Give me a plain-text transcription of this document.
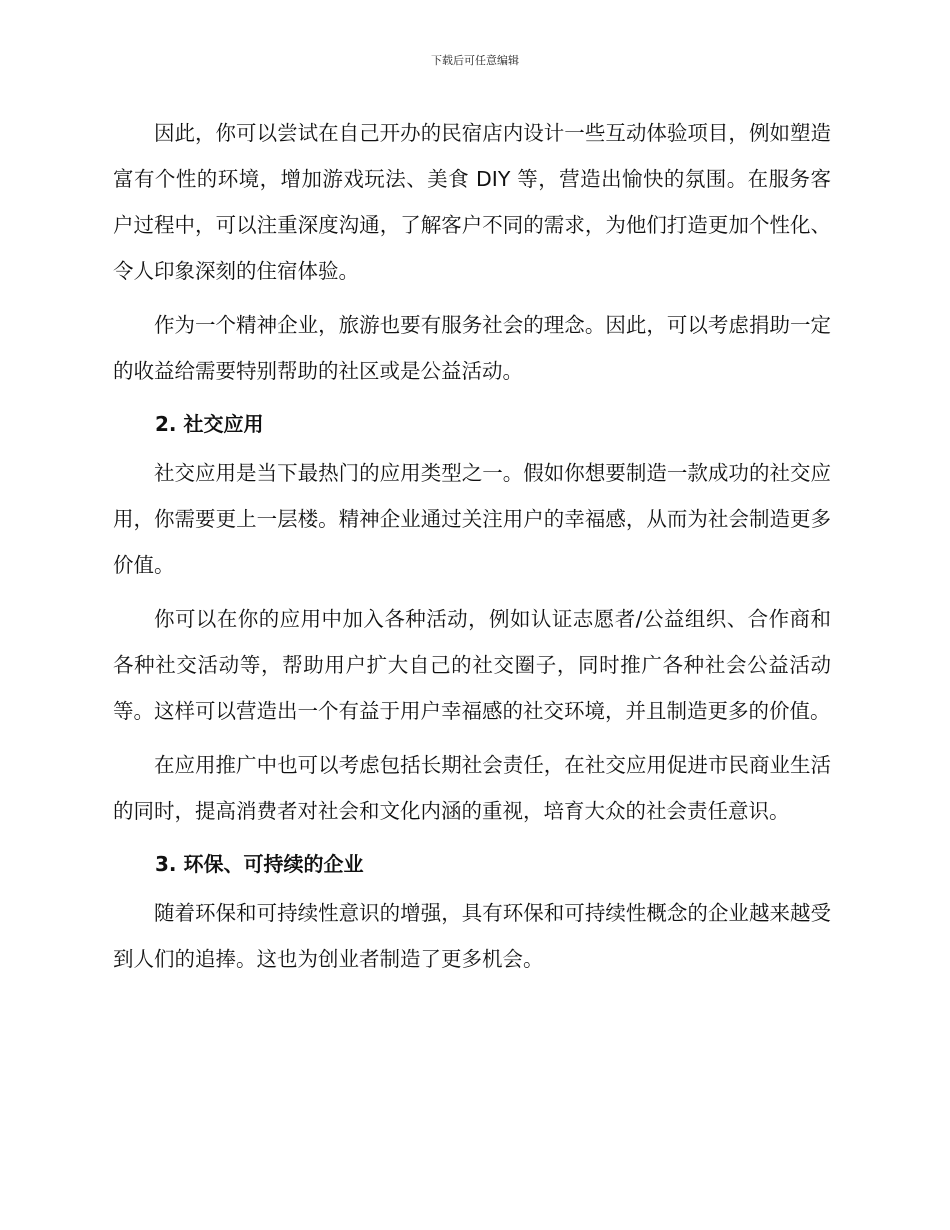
下载后可任意编辑

因此，你可以尝试在自己开办的民宿店内设计一些互动体验项目，例如塑造富有个性的环境，增加游戏玩法、美食 DIY 等，营造出愉快的氛围。在服务客户过程中，可以注重深度沟通，了解客户不同的需求，为他们打造更加个性化、令人印象深刻的住宿体验。

作为一个精神企业，旅游也要有服务社会的理念。因此，可以考虑捐助一定的收益给需要特别帮助的社区或是公益活动。

2. 社交应用

社交应用是当下最热门的应用类型之一。假如你想要制造一款成功的社交应用，你需要更上一层楼。精神企业通过关注用户的幸福感，从而为社会制造更多价值。

你可以在你的应用中加入各种活动，例如认证志愿者/公益组织、合作商和各种社交活动等，帮助用户扩大自己的社交圈子，同时推广各种社会公益活动等。这样可以营造出一个有益于用户幸福感的社交环境，并且制造更多的价值。

在应用推广中也可以考虑包括长期社会责任，在社交应用促进市民商业生活的同时，提高消费者对社会和文化内涵的重视，培育大众的社会责任意识。

3. 环保、可持续的企业

随着环保和可持续性意识的增强，具有环保和可持续性概念的企业越来越受到人们的追捧。这也为创业者制造了更多机会。
